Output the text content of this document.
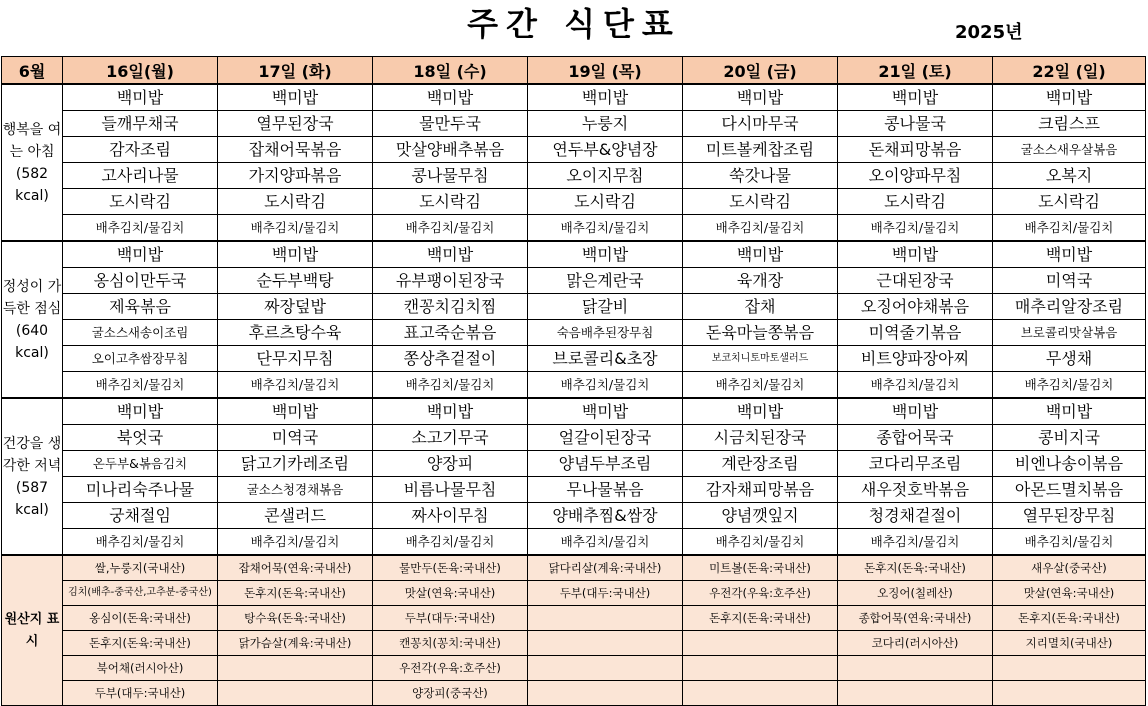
주간 식단표	2025년
6월	16일(월)	17일 (화)	18일 (수)	19일 (목)	20일 (금)	21일 (토)	22일 (일)
행복을 여는 아침 (582 kcal)	백미밥	백미밥	백미밥	백미밥	백미밥	백미밥	백미밥
	들깨무채국	열무된장국	물만두국	누룽지	다시마무국	콩나물국	크림스프
	감자조림	잡채어묵볶음	맛살양배추볶음	연두부&양념장	미트볼케찹조림	돈채피망볶음	굴소스새우살볶음
	고사리나물	가지양파볶음	콩나물무침	오이지무침	쑥갓나물	오이양파무침	오복지
	도시락김	도시락김	도시락김	도시락김	도시락김	도시락김	도시락김
	배추김치/물김치	배추김치/물김치	배추김치/물김치	배추김치/물김치	배추김치/물김치	배추김치/물김치	배추김치/물김치
정성이 가득한 점심 (640 kcal)	백미밥	백미밥	백미밥	백미밥	백미밥	백미밥	백미밥
	옹심이만두국	순두부백탕	유부팽이된장국	맑은계란국	육개장	근대된장국	미역국
	제육볶음	짜장덮밥	캔꽁치김치찜	닭갈비	잡채	오징어야채볶음	매추리알장조림
	굴소스새송이조림	후르츠탕수육	표고죽순볶음	숙음배추된장무침	돈육마늘쫑볶음	미역줄기볶음	브로콜리맛살볶음
	오이고추쌈장무침	단무지무침	쫑상추겉절이	브로콜리&초장	보코치니토마토샐러드	비트양파장아찌	무생채
	배추김치/물김치	배추김치/물김치	배추김치/물김치	배추김치/물김치	배추김치/물김치	배추김치/물김치	배추김치/물김치
건강을 생각한 저녁 (587 kcal)	백미밥	백미밥	백미밥	백미밥	백미밥	백미밥	백미밥
	북엇국	미역국	소고기무국	얼갈이된장국	시금치된장국	종합어묵국	콩비지국
	온두부&볶음김치	닭고기카레조림	양장피	양념두부조림	계란장조림	코다리무조림	비엔나송이볶음
	미나리숙주나물	굴소스청경채볶음	비름나물무침	무나물볶음	감자채피망볶음	새우젓호박볶음	아몬드멸치볶음
	궁채절임	콘샐러드	짜사이무침	양배추찜&쌈장	양념깻잎지	청경채겉절이	열무된장무침
	배추김치/물김치	배추김치/물김치	배추김치/물김치	배추김치/물김치	배추김치/물김치	배추김치/물김치	배추김치/물김치
원산지 표시	쌀,누룽지(국내산)	잡채어묵(연육:국내산)	물만두(돈육:국내산)	닭다리살(계육:국내산)	미트볼(돈육:국내산)	돈후지(돈육:국내산)	새우살(중국산)
	김치(배추-중국산,고추분-중국산)	돈후지(돈육:국내산)	맛살(연육:국내산)	두부(대두:국내산)	우전각(우육:호주산)	오징어(칠레산)	맛살(연육:국내산)
	옹심이(돈육:국내산)	탕수육(돈육:국내산)	두부(대두:국내산)		돈후지(돈육:국내산)	종합어묵(연육:국내산)	돈후지(돈육:국내산)
	돈후지(돈육:국내산)	닭가슴살(계육:국내산)	캔꽁치(꽁치:국내산)			코다리(러시아산)	지리멸치(국내산)
	북어채(러시아산)		우전각(우육:호주산)				
	두부(대두:국내산)		양장피(중국산)				
